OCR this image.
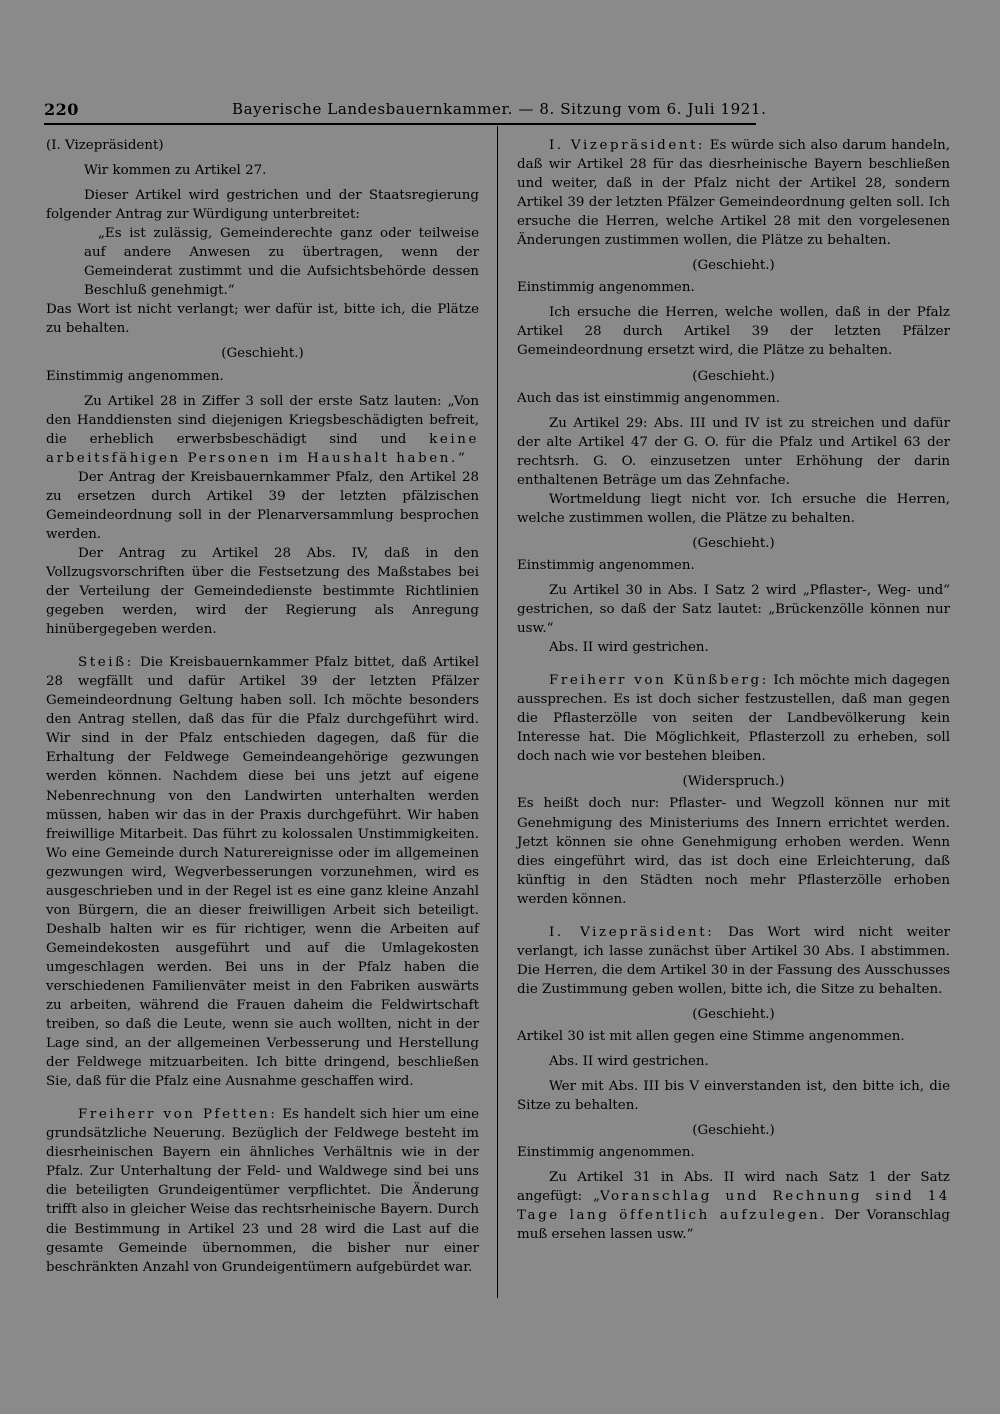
220	Bayerische Landesbauernkammer. — 8. Sitzung vom 6. Juli 1921.

(I. Vizepräsident)

Wir kommen zu Artikel 27.

Dieser Artikel wird gestrichen und der Staatsregierung folgender Antrag zur Würdigung unterbreitet:

„Es ist zulässig, Gemeinderechte ganz oder teilweise auf andere Anwesen zu übertragen, wenn der Gemeinderat zustimmt und die Aufsichtsbehörde dessen Beschluß genehmigt.“

Das Wort ist nicht verlangt; wer dafür ist, bitte ich, die Plätze zu behalten.

(Geschieht.)

Einstimmig angenommen.

Zu Artikel 28 in Ziffer 3 soll der erste Satz lauten: „Von den Handdiensten sind diejenigen Kriegsbeschädigten befreit, die erheblich erwerbsbeschädigt sind und keine arbeitsfähigen Personen im Haushalt haben.“

Der Antrag der Kreisbauernkammer Pfalz, den Artikel 28 zu ersetzen durch Artikel 39 der letzten pfälzischen Gemeindeordnung soll in der Plenarversammlung besprochen werden.

Der Antrag zu Artikel 28 Abs. IV, daß in den Vollzugsvorschriften über die Festsetzung des Maßstabes bei der Verteilung der Gemeindedienste bestimmte Richtlinien gegeben werden, wird der Regierung als Anregung hinübergegeben werden.

Steiß: Die Kreisbauernkammer Pfalz bittet, daß Artikel 28 wegfällt und dafür Artikel 39 der letzten Pfälzer Gemeindeordnung Geltung haben soll. Ich möchte besonders den Antrag stellen, daß das für die Pfalz durchgeführt wird. Wir sind in der Pfalz entschieden dagegen, daß für die Erhaltung der Feldwege Gemeindeangehörige gezwungen werden können. Nachdem diese bei uns jetzt auf eigene Nebenrechnung von den Landwirten unterhalten werden müssen, haben wir das in der Praxis durchgeführt. Wir haben freiwillige Mitarbeit. Das führt zu kolossalen Unstimmigkeiten. Wo eine Gemeinde durch Naturereignisse oder im allgemeinen gezwungen wird, Wegverbesserungen vorzunehmen, wird es ausgeschrieben und in der Regel ist es eine ganz kleine Anzahl von Bürgern, die an dieser freiwilligen Arbeit sich beteiligt. Deshalb halten wir es für richtiger, wenn die Arbeiten auf Gemeindekosten ausgeführt und auf die Umlagekosten umgeschlagen werden. Bei uns in der Pfalz haben die verschiedenen Familienväter meist in den Fabriken auswärts zu arbeiten, während die Frauen daheim die Feldwirtschaft treiben, so daß die Leute, wenn sie auch wollten, nicht in der Lage sind, an der allgemeinen Verbesserung und Herstellung der Feldwege mitzuarbeiten. Ich bitte dringend, beschließen Sie, daß für die Pfalz eine Ausnahme geschaffen wird.

Freiherr von Pfetten: Es handelt sich hier um eine grundsätzliche Neuerung. Bezüglich der Feldwege besteht im diesrheinischen Bayern ein ähnliches Verhältnis wie in der Pfalz. Zur Unterhaltung der Feld- und Waldwege sind bei uns die beteiligten Grundeigentümer verpflichtet. Die Änderung trifft also in gleicher Weise das rechtsrheinische Bayern. Durch die Bestimmung in Artikel 23 und 28 wird die Last auf die gesamte Gemeinde übernommen, die bisher nur einer beschränkten Anzahl von Grundeigentümern aufgebürdet war.

I. Vizepräsident: Es würde sich also darum handeln, daß wir Artikel 28 für das diesrheinische Bayern beschließen und weiter, daß in der Pfalz nicht der Artikel 28, sondern Artikel 39 der letzten Pfälzer Gemeindeordnung gelten soll. Ich ersuche die Herren, welche Artikel 28 mit den vorgelesenen Änderungen zustimmen wollen, die Plätze zu behalten.

(Geschieht.)

Einstimmig angenommen.

Ich ersuche die Herren, welche wollen, daß in der Pfalz Artikel 28 durch Artikel 39 der letzten Pfälzer Gemeindeordnung ersetzt wird, die Plätze zu behalten.

(Geschieht.)

Auch das ist einstimmig angenommen.

Zu Artikel 29: Abs. III und IV ist zu streichen und dafür der alte Artikel 47 der G. O. für die Pfalz und Artikel 63 der rechtsrh. G. O. einzusetzen unter Erhöhung der darin enthaltenen Beträge um das Zehnfache.

Wortmeldung liegt nicht vor. Ich ersuche die Herren, welche zustimmen wollen, die Plätze zu behalten.

(Geschieht.)

Einstimmig angenommen.

Zu Artikel 30 in Abs. I Satz 2 wird „Pflaster-, Weg- und“ gestrichen, so daß der Satz lautet: „Brückenzölle können nur usw.“

Abs. II wird gestrichen.

Freiherr von Künßberg: Ich möchte mich dagegen aussprechen. Es ist doch sicher festzustellen, daß man gegen die Pflasterzölle von seiten der Landbevölkerung kein Interesse hat. Die Möglichkeit, Pflasterzoll zu erheben, soll doch nach wie vor bestehen bleiben.

(Widerspruch.)

Es heißt doch nur: Pflaster- und Wegzoll können nur mit Genehmigung des Ministeriums des Innern errichtet werden. Jetzt können sie ohne Genehmigung erhoben werden. Wenn dies eingeführt wird, das ist doch eine Erleichterung, daß künftig in den Städten noch mehr Pflasterzölle erhoben werden können.

I. Vizepräsident: Das Wort wird nicht weiter verlangt, ich lasse zunächst über Artikel 30 Abs. I abstimmen. Die Herren, die dem Artikel 30 in der Fassung des Ausschusses die Zustimmung geben wollen, bitte ich, die Sitze zu behalten.

(Geschieht.)

Artikel 30 ist mit allen gegen eine Stimme angenommen.

Abs. II wird gestrichen.

Wer mit Abs. III bis V einverstanden ist, den bitte ich, die Sitze zu behalten.

(Geschieht.)

Einstimmig angenommen.

Zu Artikel 31 in Abs. II wird nach Satz 1 der Satz angefügt: „Voranschlag und Rechnung sind 14 Tage lang öffentlich aufzulegen. Der Voranschlag muß ersehen lassen usw.“
